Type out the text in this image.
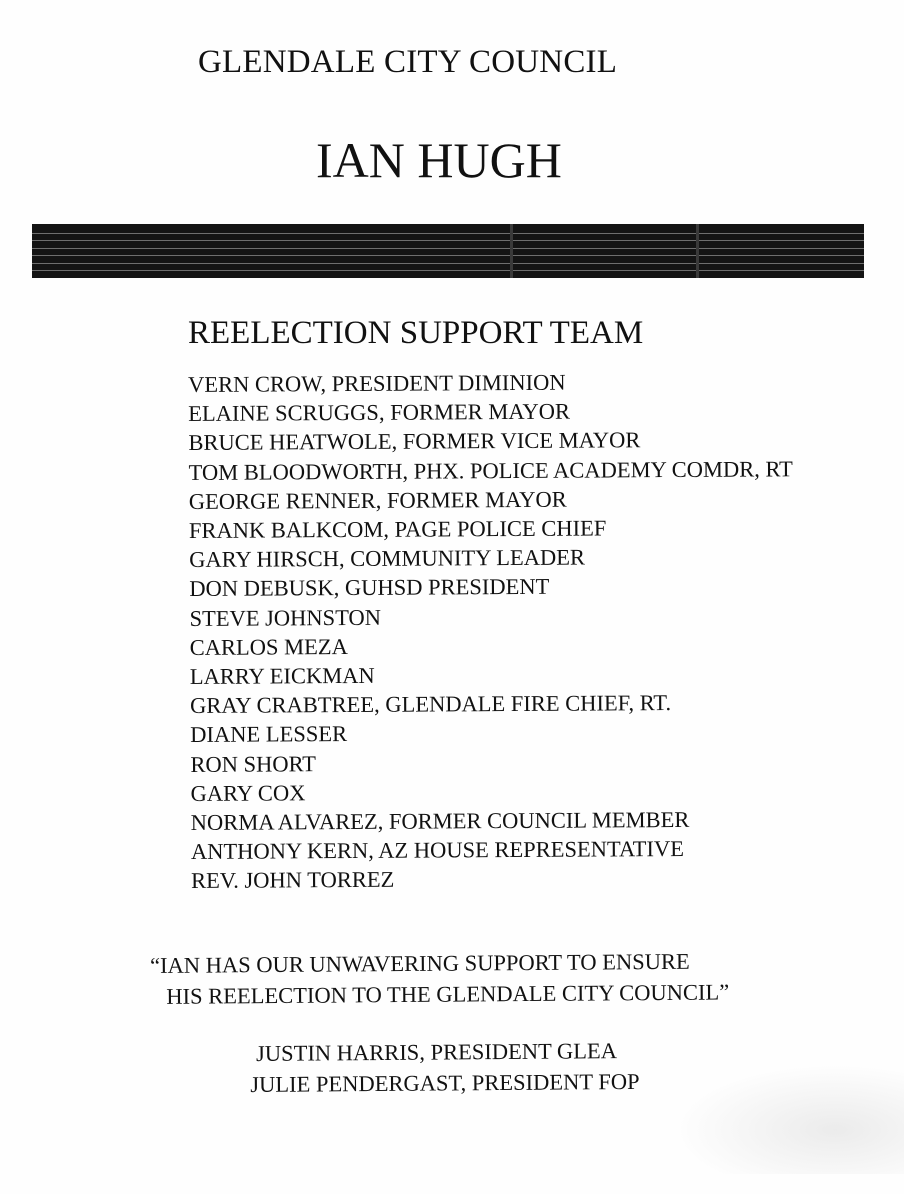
GLENDALE CITY COUNCIL
IAN HUGH
REELECTION SUPPORT TEAM
VERN CROW, PRESIDENT DIMINION
ELAINE SCRUGGS, FORMER MAYOR
BRUCE HEATWOLE, FORMER VICE MAYOR
TOM BLOODWORTH, PHX. POLICE ACADEMY COMDR, RT
GEORGE RENNER, FORMER MAYOR
FRANK BALKCOM, PAGE POLICE CHIEF
GARY HIRSCH, COMMUNITY LEADER
DON DEBUSK, GUHSD PRESIDENT
STEVE JOHNSTON
CARLOS MEZA
LARRY EICKMAN
GRAY CRABTREE, GLENDALE FIRE CHIEF, RT.
DIANE LESSER
RON SHORT
GARY COX
NORMA ALVAREZ, FORMER COUNCIL MEMBER
ANTHONY KERN, AZ HOUSE REPRESENTATIVE
REV. JOHN TORREZ
“IAN HAS OUR UNWAVERING SUPPORT TO ENSURE
HIS REELECTION TO THE GLENDALE CITY COUNCIL”
JUSTIN HARRIS, PRESIDENT GLEA
JULIE PENDERGAST, PRESIDENT FOP
